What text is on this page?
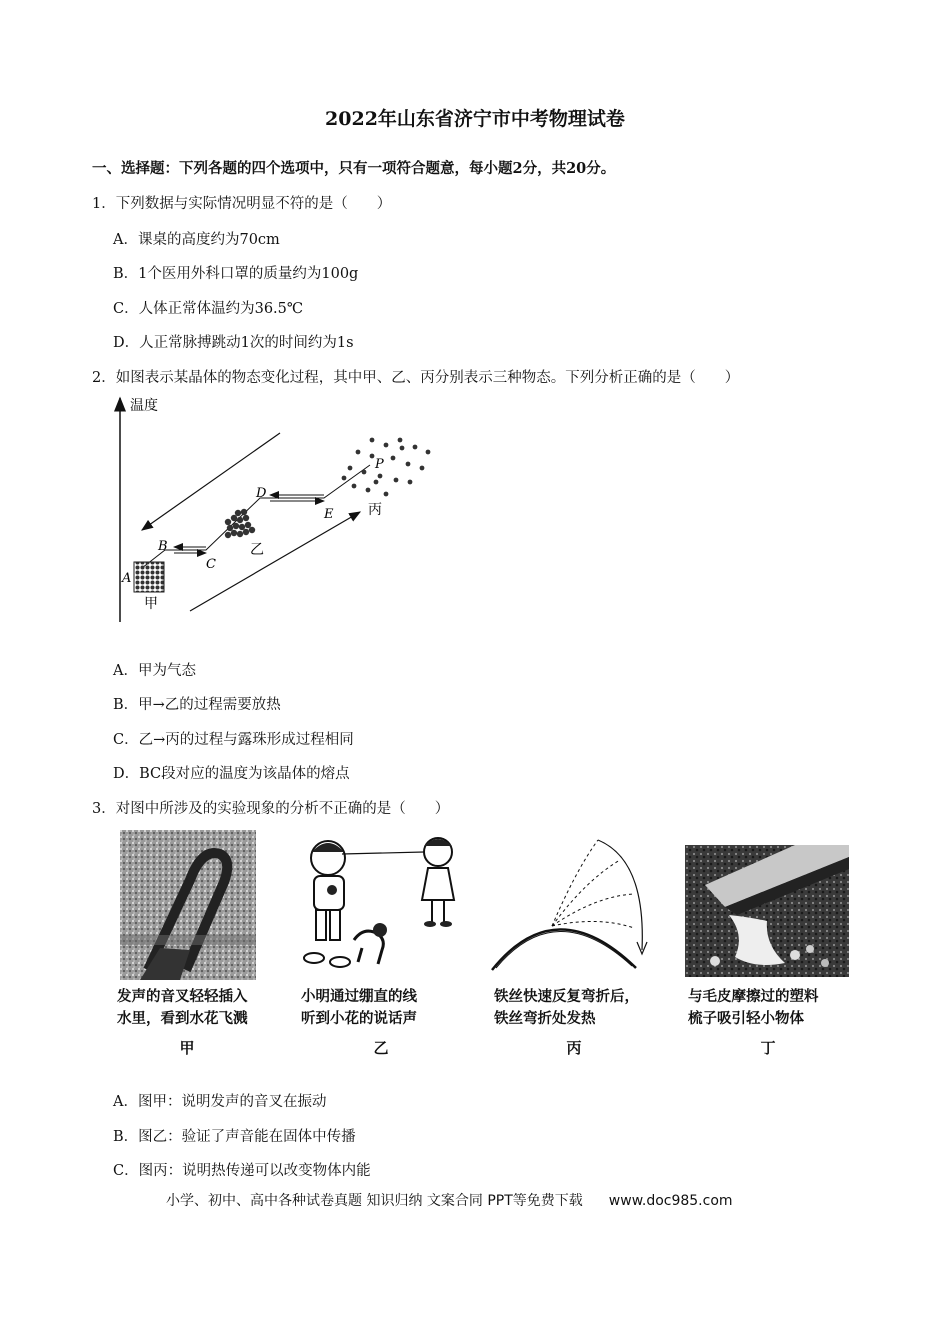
2022年山东省济宁市中考物理试卷
一、选择题：下列各题的四个选项中，只有一项符合题意，每小题2分，共20分。
1．下列数据与实际情况明显不符的是（　　）
A．课桌的高度约为70cm
B．1个医用外科口罩的质量约为100g
C．人体正常体温约为36.5℃
D．人正常脉搏跳动1次的时间约为1s
2．如图表示某晶体的物态变化过程，其中甲、乙、丙分别表示三种物态。下列分析正确的是（　　）
温度
A
B
C
D
E
P
甲
乙
丙
A．甲为气态
B．甲→乙的过程需要放热
C．乙→丙的过程与露珠形成过程相同
D．BC段对应的温度为该晶体的熔点
3．对图中所涉及的实验现象的分析不正确的是（　　）
发声的音叉轻轻插入
水里，看到水花飞溅
甲
小明通过绷直的线
听到小花的说话声
乙
铁丝快速反复弯折后，
铁丝弯折处发热
丙
与毛皮摩擦过的塑料
梳子吸引轻小物体
丁
A．图甲：说明发声的音叉在振动
B．图乙：验证了声音能在固体中传播
C．图丙：说明热传递可以改变物体内能
小学、初中、高中各种试卷真题 知识归纳 文案合同 PPT等免费下载 www.doc985.com
